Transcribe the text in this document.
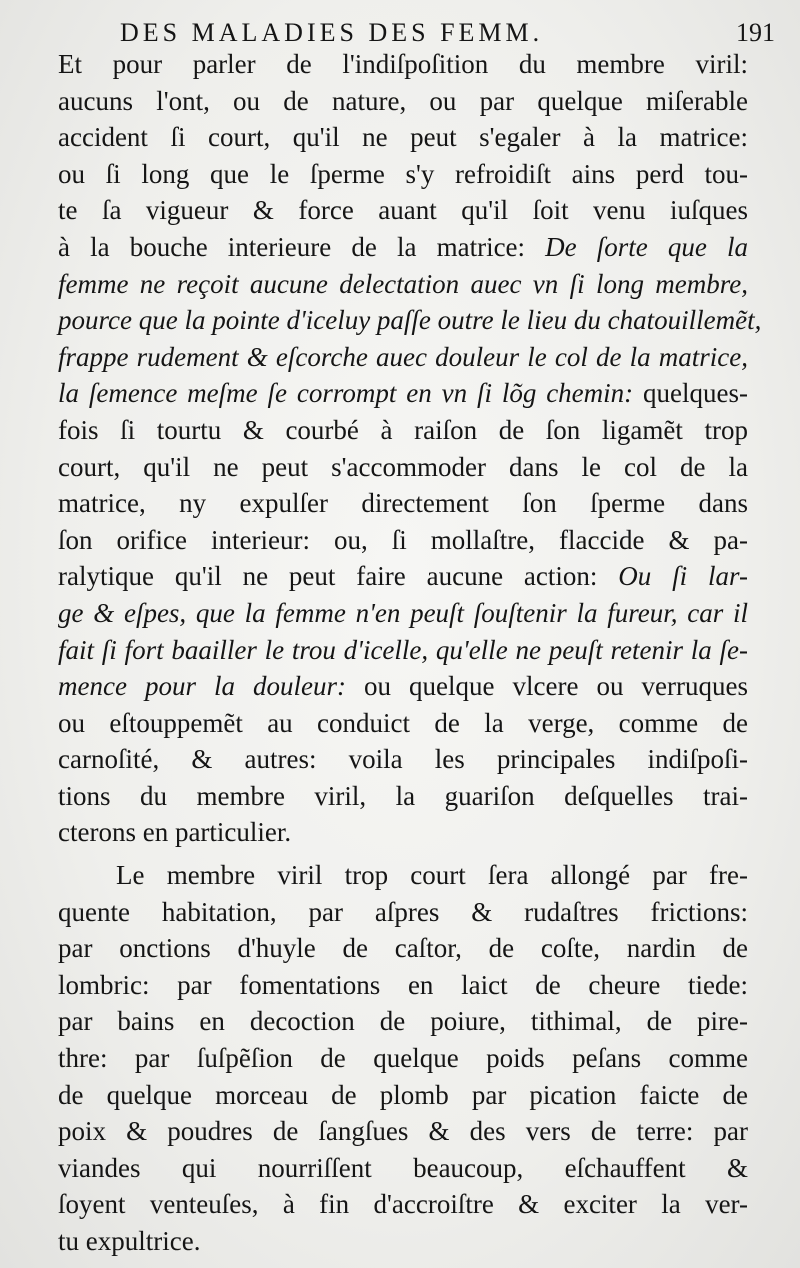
DES MALADIES DES FEMM.	191
Et pour parler de l'indiſpoſition du membre viril:
aucuns l'ont, ou de nature, ou par quelque miſerable
accident ſi court, qu'il ne peut s'egaler à la matrice:
ou ſi long que le ſperme s'y refroidiſt ains perd tou-
te ſa vigueur & force auant qu'il ſoit venu iuſques
à la bouche interieure de la matrice: De ſorte que la
femme ne reçoit aucune delectation auec vn ſi long membre,
pource que la pointe d'iceluy paſſe outre le lieu du chatouillemẽt,
frappe rudement & eſcorche auec douleur le col de la matrice,
la ſemence meſme ſe corrompt en vn ſi lõg chemin: quelques-
fois ſi tourtu & courbé à raiſon de ſon ligamẽt trop
court, qu'il ne peut s'accommoder dans le col de la
matrice, ny expulſer directement ſon ſperme dans
ſon orifice interieur: ou, ſi mollaſtre, flaccide & pa-
ralytique qu'il ne peut faire aucune action: Ou ſi lar-
ge & eſpes, que la femme n'en peuſt ſouſtenir la fureur, car il
fait ſi fort baailler le trou d'icelle, qu'elle ne peuſt retenir la ſe-
mence pour la douleur: ou quelque vlcere ou verruques
ou eſtouppemẽt au conduict de la verge, comme de
carnoſité, & autres: voila les principales indiſpoſi-
tions du membre viril, la guariſon deſquelles trai-
cterons en particulier.
Le membre viril trop court ſera allongé par fre-
quente habitation, par aſpres & rudaſtres frictions:
par onctions d'huyle de caſtor, de coſte, nardin de
lombric: par fomentations en laict de cheure tiede:
par bains en decoction de poiure, tithimal, de pire-
thre: par ſuſpẽſion de quelque poids peſans comme
de quelque morceau de plomb par pication faicte de
poix & poudres de ſangſues & des vers de terre: par
viandes qui nourriſſent beaucoup, eſchauffent &
ſoyent venteuſes, à fin d'accroiſtre & exciter la ver-
tu expultrice.
